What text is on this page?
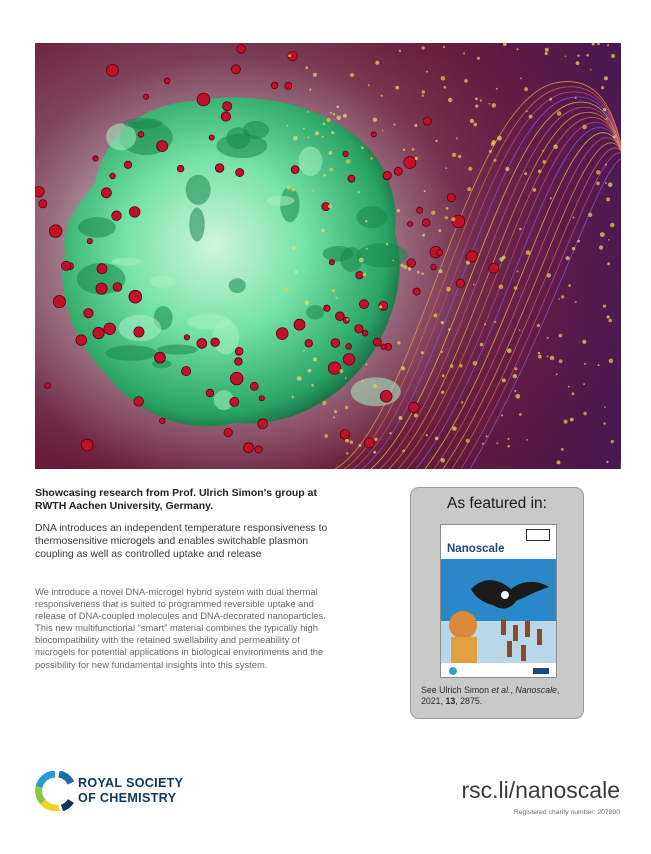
Showcasing research from Prof. Ulrich Simon's group at
RWTH Aachen University, Germany.
DNA introduces an independent temperature responsiveness to thermosensitive microgels and enables switchable plasmon coupling as well as controlled uptake and release
We introduce a novel DNA-microgel hybrid system with dual thermal responsiveness that is suited to programmed reversible uptake and release of DNA-coupled molecules and DNA-decorated nanoparticles. This new multifunctional “smart” material combines the typically high biocompatibility with the retained swellability and permeability of microgels for potential applications in biological environments and the possibility for new fundamental insights into this system.
As featured in:
Nanoscale
See Ulrich Simon et al., Nanoscale,
2021, 13, 2875.
ROYAL SOCIETY
OF CHEMISTRY	rsc.li/nanoscale
Registered charity number: 207890
